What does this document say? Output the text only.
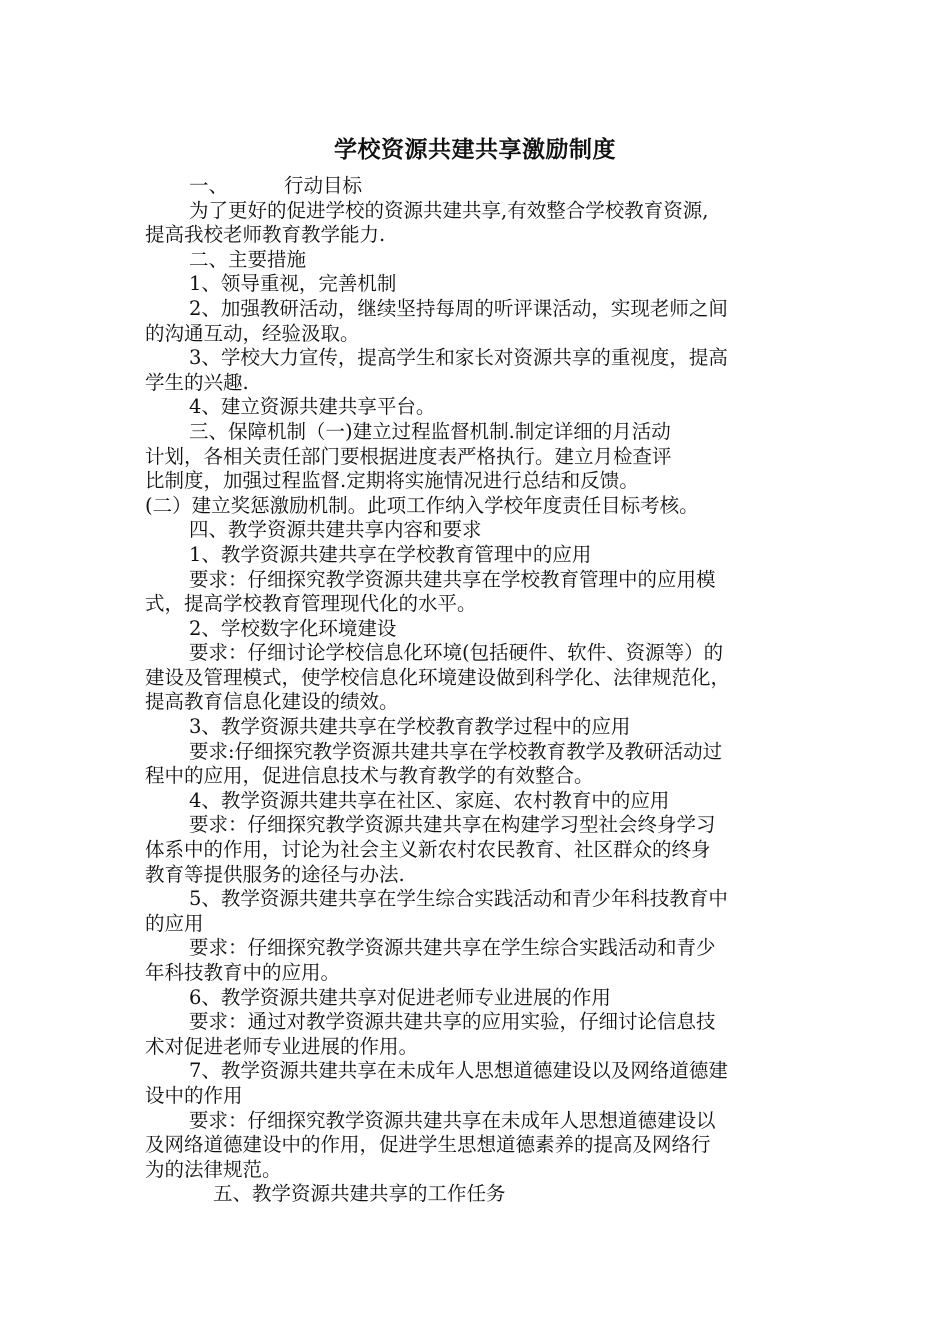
学校资源共建共享激励制度
一、	行动目标
为了更好的促进学校的资源共建共享,有效整合学校教育资源,
提高我校老师教育教学能力.
二、主要措施
1、领导重视，完善机制
2、加强教研活动，继续坚持每周的听评课活动，实现老师之间
的沟通互动，经验汲取。
3、学校大力宣传，提高学生和家长对资源共享的重视度，提高
学生的兴趣.
4、建立资源共建共享平台。
三、保障机制（一)建立过程监督机制.制定详细的月活动
计划，各相关责任部门要根据进度表严格执行。建立月检查评
比制度，加强过程监督.定期将实施情况进行总结和反馈。
(二）建立奖惩激励机制。此项工作纳入学校年度责任目标考核。
四、教学资源共建共享内容和要求
1、教学资源共建共享在学校教育管理中的应用
要求：仔细探究教学资源共建共享在学校教育管理中的应用模
式，提高学校教育管理现代化的水平。
2、学校数字化环境建设
要求：仔细讨论学校信息化环境(包括硬件、软件、资源等）的
建设及管理模式，使学校信息化环境建设做到科学化、法律规范化，
提高教育信息化建设的绩效。
3、教学资源共建共享在学校教育教学过程中的应用
要求:仔细探究教学资源共建共享在学校教育教学及教研活动过
程中的应用，促进信息技术与教育教学的有效整合。
4、教学资源共建共享在社区、家庭、农村教育中的应用
要求：仔细探究教学资源共建共享在构建学习型社会终身学习
体系中的作用，讨论为社会主义新农村农民教育、社区群众的终身
教育等提供服务的途径与办法.
5、教学资源共建共享在学生综合实践活动和青少年科技教育中
的应用
要求：仔细探究教学资源共建共享在学生综合实践活动和青少
年科技教育中的应用。
6、教学资源共建共享对促进老师专业进展的作用
要求：通过对教学资源共建共享的应用实验，仔细讨论信息技
术对促进老师专业进展的作用。
7、教学资源共建共享在未成年人思想道德建设以及网络道德建
设中的作用
要求：仔细探究教学资源共建共享在未成年人思想道德建设以
及网络道德建设中的作用，促进学生思想道德素养的提高及网络行
为的法律规范。
五、教学资源共建共享的工作任务
